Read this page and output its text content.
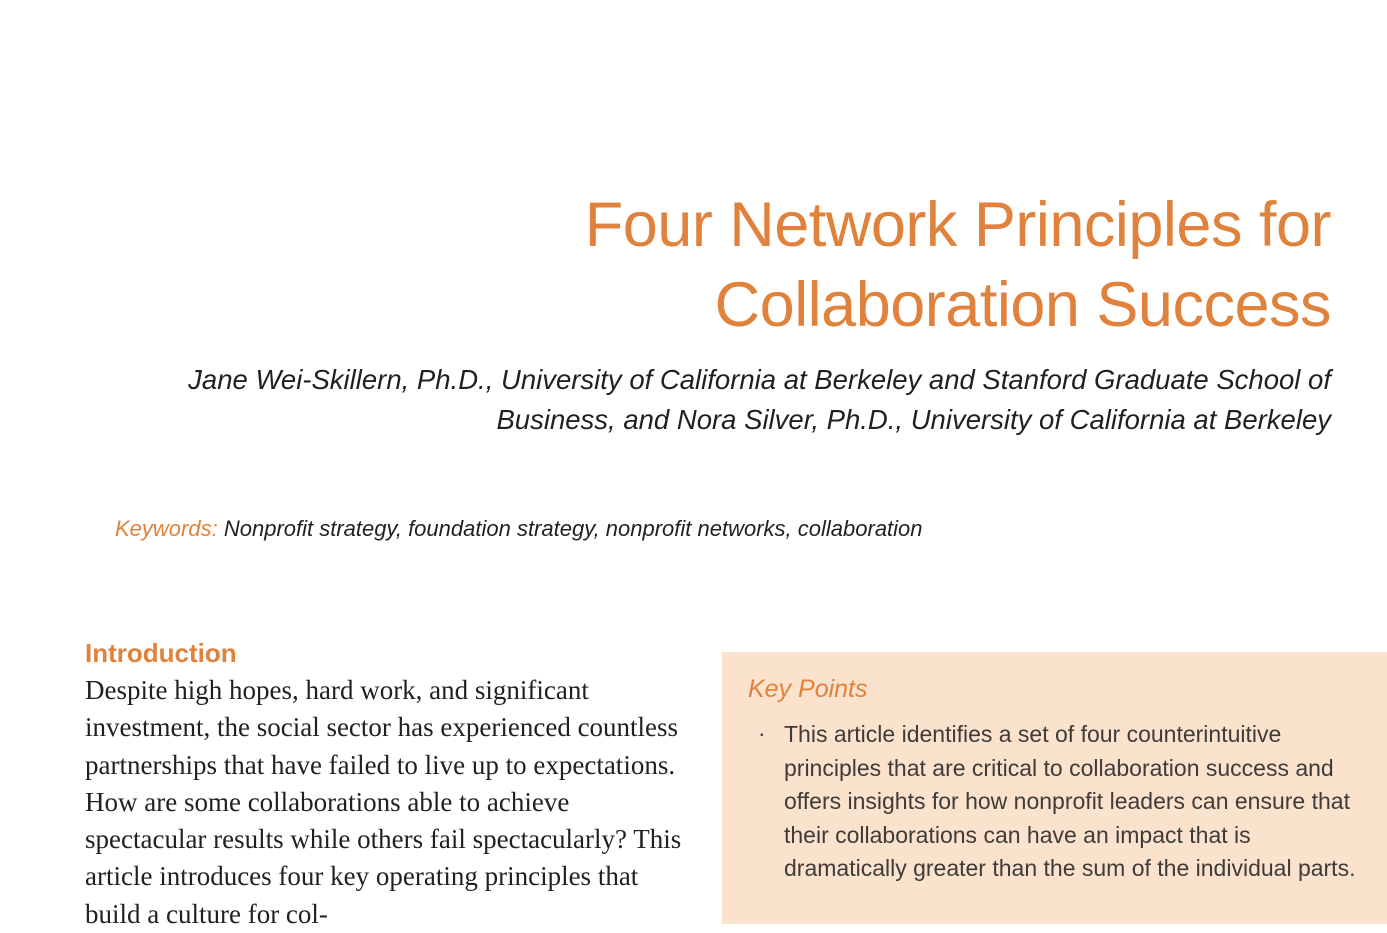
Four Network Principles for
Collaboration Success
Jane Wei-Skillern, Ph.D., University of California at Berkeley and Stanford Graduate School of Business, and Nora Silver, Ph.D., University of California at Berkeley
Keywords: Nonprofit strategy, foundation strategy, nonprofit networks, collaboration
Introduction

Despite high hopes, hard work, and significant investment, the social sector has experienced countless partnerships that have failed to live up to expectations. How are some collaborations able to achieve spectacular results while others fail spectacularly? This article introduces four key operating principles that build a culture for col-

Key Points
· This article identifies a set of four counterintuitive principles that are critical to collaboration success and offers insights for how nonprofit leaders can ensure that their collaborations can have an impact that is dramatically greater than the sum of the individual parts.
